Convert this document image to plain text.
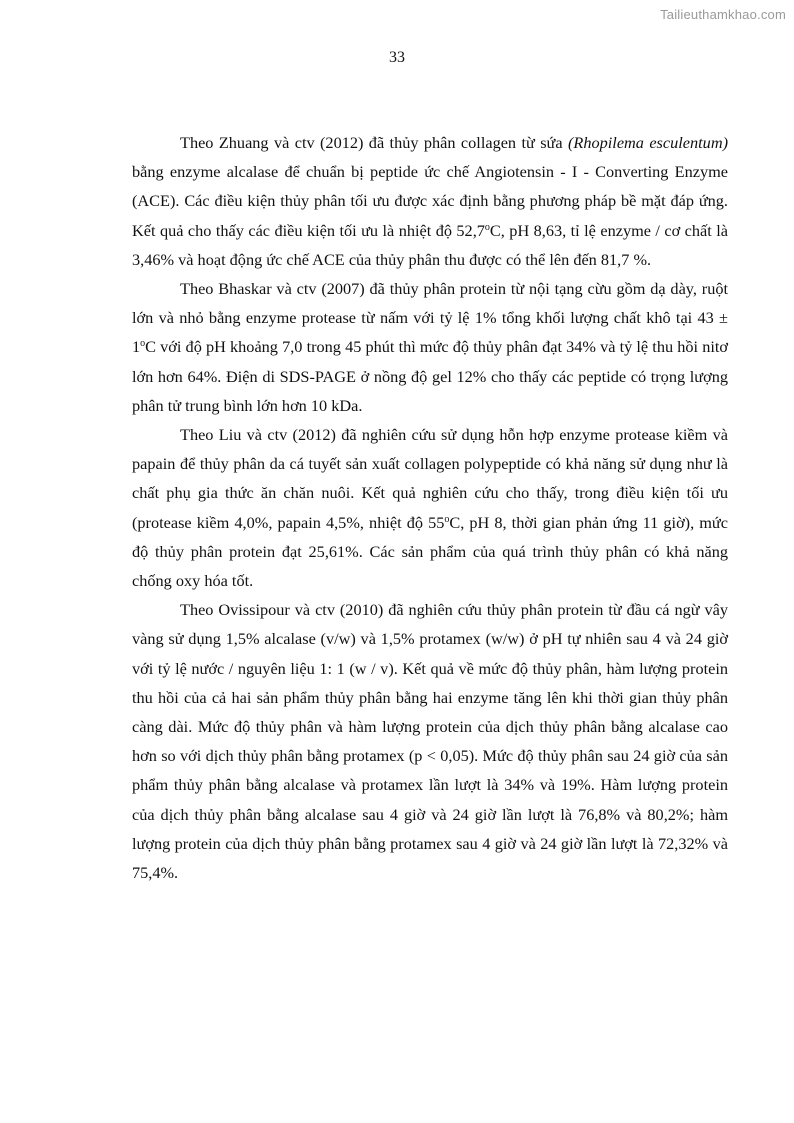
Tailieuthamkhao.com
33

Theo Zhuang và ctv (2012) đã thủy phân collagen từ sứa (Rhopilema esculentum) bằng enzyme alcalase để chuẩn bị peptide ức chế Angiotensin - I - Converting Enzyme (ACE). Các điều kiện thủy phân tối ưu được xác định bằng phương pháp bề mặt đáp ứng. Kết quả cho thấy các điều kiện tối ưu là nhiệt độ 52,7$^o$C, pH 8,63, tỉ lệ enzyme / cơ chất là 3,46% và hoạt động ức chế ACE của thủy phân thu được có thể lên đến 81,7 %.

Theo Bhaskar và ctv (2007) đã thủy phân protein từ nội tạng cừu gồm dạ dày, ruột lớn và nhỏ bằng enzyme protease từ nấm với tỷ lệ 1% tổng khối lượng chất khô tại $43 \pm 1^oC$ với độ pH khoảng 7,0 trong 45 phút thì mức độ thủy phân đạt 34% và tỷ lệ thu hồi nitơ lớn hơn 64%. Điện di SDS-PAGE ở nồng độ gel 12% cho thấy các peptide có trọng lượng phân tử trung bình lớn hơn 10 kDa.

Theo Liu và ctv (2012) đã nghiên cứu sử dụng hỗn hợp enzyme protease kiềm và papain để thủy phân da cá tuyết sản xuất collagen polypeptide có khả năng sử dụng như là chất phụ gia thức ăn chăn nuôi. Kết quả nghiên cứu cho thấy, trong điều kiện tối ưu (protease kiềm 4,0%, papain 4,5%, nhiệt độ 55$^o$C, pH 8, thời gian phản ứng 11 giờ), mức độ thủy phân protein đạt 25,61%. Các sản phẩm của quá trình thủy phân có khả năng chống oxy hóa tốt.

Theo Ovissipour và ctv (2010) đã nghiên cứu thủy phân protein từ đầu cá ngừ vây vàng sử dụng 1,5% alcalase (v/w) và 1,5% protamex (w/w) ở pH tự nhiên sau 4 và 24 giờ với tỷ lệ nước / nguyên liệu 1: 1 (w / v). Kết quả về mức độ thủy phân, hàm lượng protein thu hồi của cả hai sản phẩm thủy phân bằng hai enzyme tăng lên khi thời gian thủy phân càng dài. Mức độ thủy phân và hàm lượng protein của dịch thủy phân bằng alcalase cao hơn so với dịch thủy phân bằng protamex (p < 0,05). Mức độ thủy phân sau 24 giờ của sản phẩm thủy phân bằng alcalase và protamex lần lượt là 34% và 19%. Hàm lượng protein của dịch thủy phân bằng alcalase sau 4 giờ và 24 giờ lần lượt là 76,8% và 80,2%; hàm lượng protein của dịch thủy phân bằng protamex sau 4 giờ và 24 giờ lần lượt là 72,32% và 75,4%.
